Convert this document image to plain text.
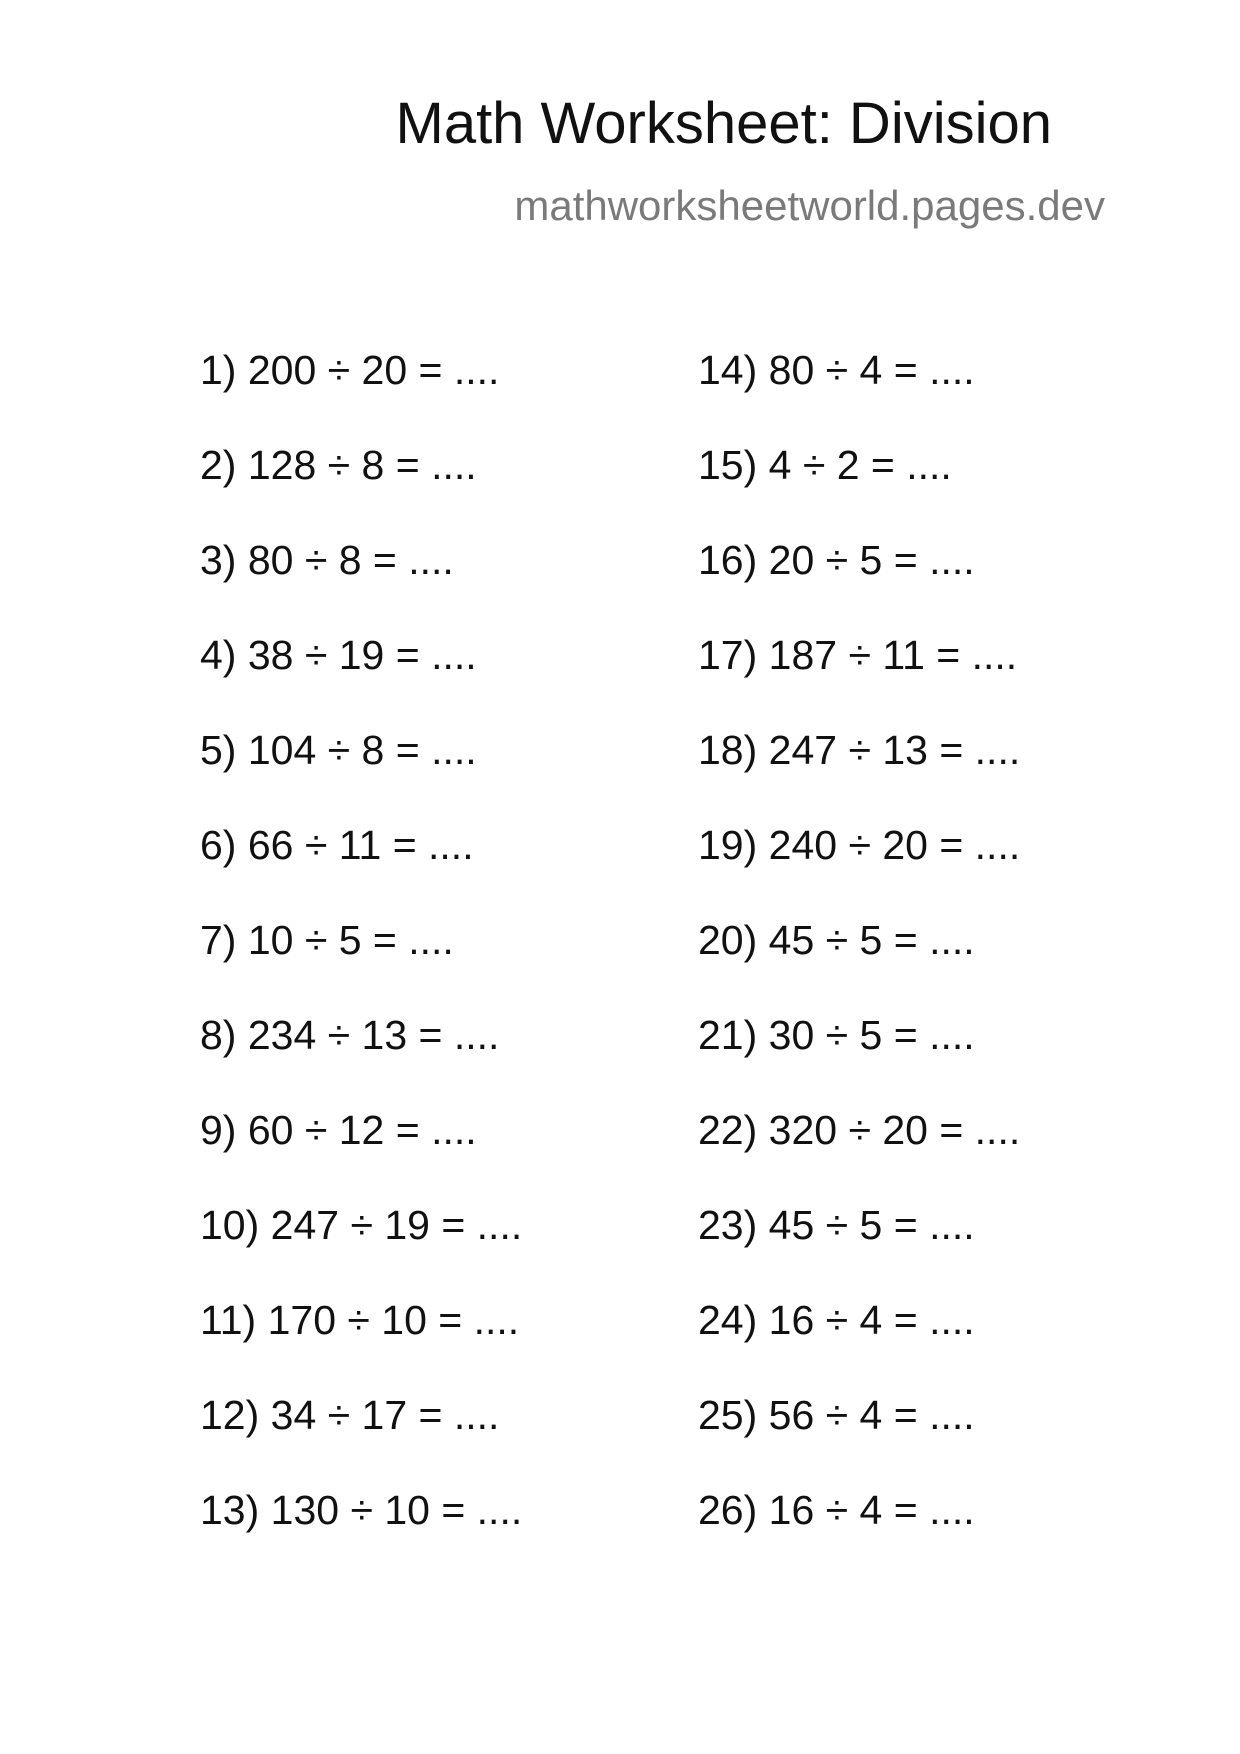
Math Worksheet: Division
mathworksheetworld.pages.dev
1) 200 ÷ 20 = ....
2) 128 ÷ 8 = ....
3) 80 ÷ 8 = ....
4) 38 ÷ 19 = ....
5) 104 ÷ 8 = ....
6) 66 ÷ 11 = ....
7) 10 ÷ 5 = ....
8) 234 ÷ 13 = ....
9) 60 ÷ 12 = ....
10) 247 ÷ 19 = ....
11) 170 ÷ 10 = ....
12) 34 ÷ 17 = ....
13) 130 ÷ 10 = ....
14) 80 ÷ 4 = ....
15) 4 ÷ 2 = ....
16) 20 ÷ 5 = ....
17) 187 ÷ 11 = ....
18) 247 ÷ 13 = ....
19) 240 ÷ 20 = ....
20) 45 ÷ 5 = ....
21) 30 ÷ 5 = ....
22) 320 ÷ 20 = ....
23) 45 ÷ 5 = ....
24) 16 ÷ 4 = ....
25) 56 ÷ 4 = ....
26) 16 ÷ 4 = ....
